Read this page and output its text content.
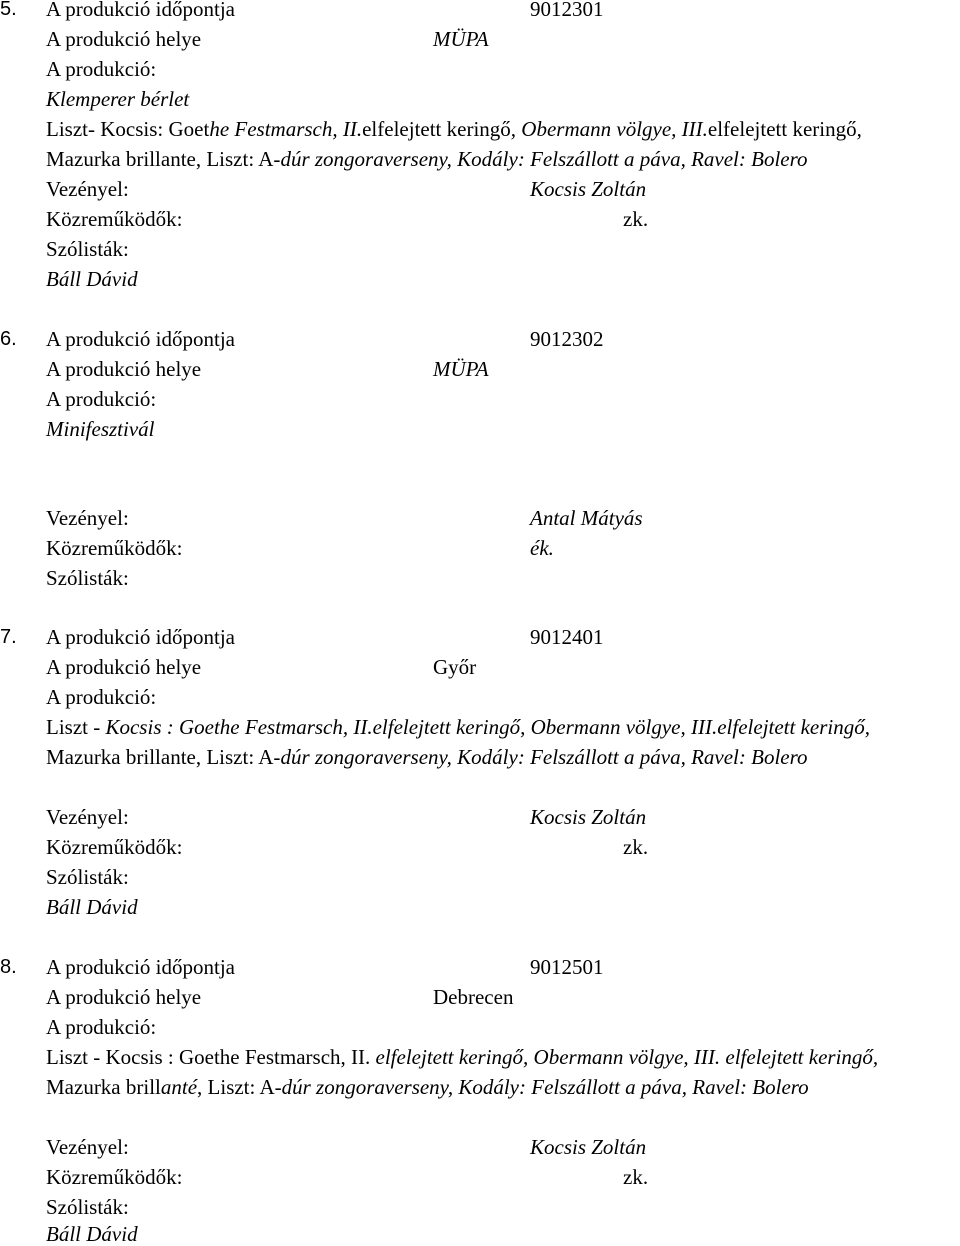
5. A produkció időpontja	9012301
A produkció helye	MÜPA
A produkció:
Klemperer bérlet
Liszt- Kocsis: Goethe Festmarsch, II.elfelejtett keringő, Obermann völgye, III.elfelejtett keringő,
Mazurka brillante, Liszt: A-dúr zongoraverseny, Kodály: Felszállott a páva, Ravel: Bolero
Vezényel:	Kocsis Zoltán
Közreműködők:	zk.
Szólisták:
Báll Dávid
6. A produkció időpontja	9012302
A produkció helye	MÜPA
A produkció:
Minifesztivál
Vezényel:	Antal Mátyás
Közreműködők:	ék.
Szólisták:
7. A produkció időpontja	9012401
A produkció helye	Győr
A produkció:
Liszt - Kocsis : Goethe Festmarsch, II.elfelejtett keringő, Obermann völgye, III.elfelejtett keringő,
Mazurka brillante, Liszt: A-dúr zongoraverseny, Kodály: Felszállott a páva, Ravel: Bolero
Vezényel:	Kocsis Zoltán
Közreműködők:	zk.
Szólisták:
Báll Dávid
8. A produkció időpontja	9012501
A produkció helye	Debrecen
A produkció:
Liszt - Kocsis : Goethe Festmarsch, II. elfelejtett keringő, Obermann völgye, III. elfelejtett keringő,
Mazurka brillanté, Liszt: A-dúr zongoraverseny, Kodály: Felszállott a páva, Ravel: Bolero
Vezényel:	Kocsis Zoltán
Közreműködők:	zk.
Szólisták:
Báll Dávid
